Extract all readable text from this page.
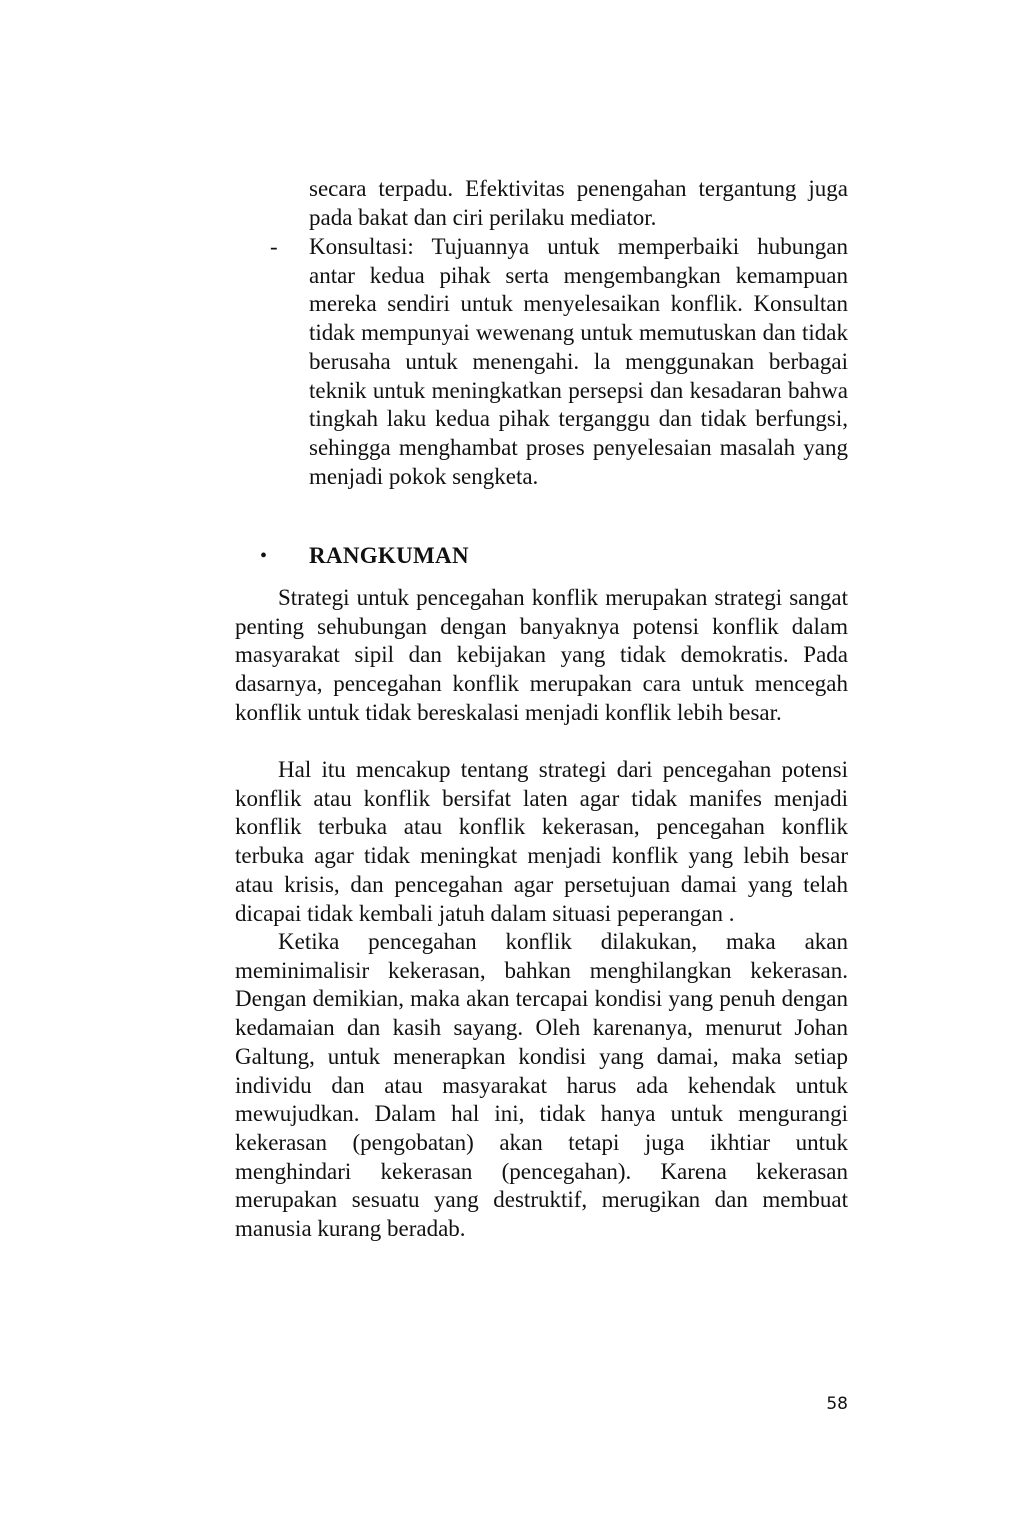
secara terpadu. Efektivitas penengahan tergantung juga pada bakat dan ciri perilaku mediator.
- Konsultasi: Tujuannya untuk memperbaiki hubungan antar kedua pihak serta mengembangkan kemampuan mereka sendiri untuk menyelesaikan konflik. Konsultan tidak mempunyai wewenang untuk memutuskan dan tidak berusaha untuk menengahi. la menggunakan berbagai teknik untuk meningkatkan persepsi dan kesadaran bahwa tingkah laku kedua pihak terganggu dan tidak berfungsi, sehingga menghambat proses penyelesaian masalah yang menjadi pokok sengketa.
• RANGKUMAN

Strategi untuk pencegahan konflik merupakan strategi sangat penting sehubungan dengan banyaknya potensi konflik dalam masyarakat sipil dan kebijakan yang tidak demokratis. Pada dasarnya, pencegahan konflik merupakan cara untuk mencegah konflik untuk tidak bereskalasi menjadi konflik lebih besar.

Hal itu mencakup tentang strategi dari pencegahan potensi konflik atau konflik bersifat laten agar tidak manifes menjadi konflik terbuka atau konflik kekerasan, pencegahan konflik terbuka agar tidak meningkat menjadi konflik yang lebih besar atau krisis, dan pencegahan agar persetujuan damai yang telah dicapai tidak kembali jatuh dalam situasi peperangan .

Ketika pencegahan konflik dilakukan, maka akan meminimalisir kekerasan, bahkan menghilangkan kekerasan. Dengan demikian, maka akan tercapai kondisi yang penuh dengan kedamaian dan kasih sayang. Oleh karenanya, menurut Johan Galtung, untuk menerapkan kondisi yang damai, maka setiap individu dan atau masyarakat harus ada kehendak untuk mewujudkan. Dalam hal ini, tidak hanya untuk mengurangi kekerasan (pengobatan) akan tetapi juga ikhtiar untuk menghindari kekerasan (pencegahan). Karena kekerasan merupakan sesuatu yang destruktif, merugikan dan membuat manusia kurang beradab.

58
